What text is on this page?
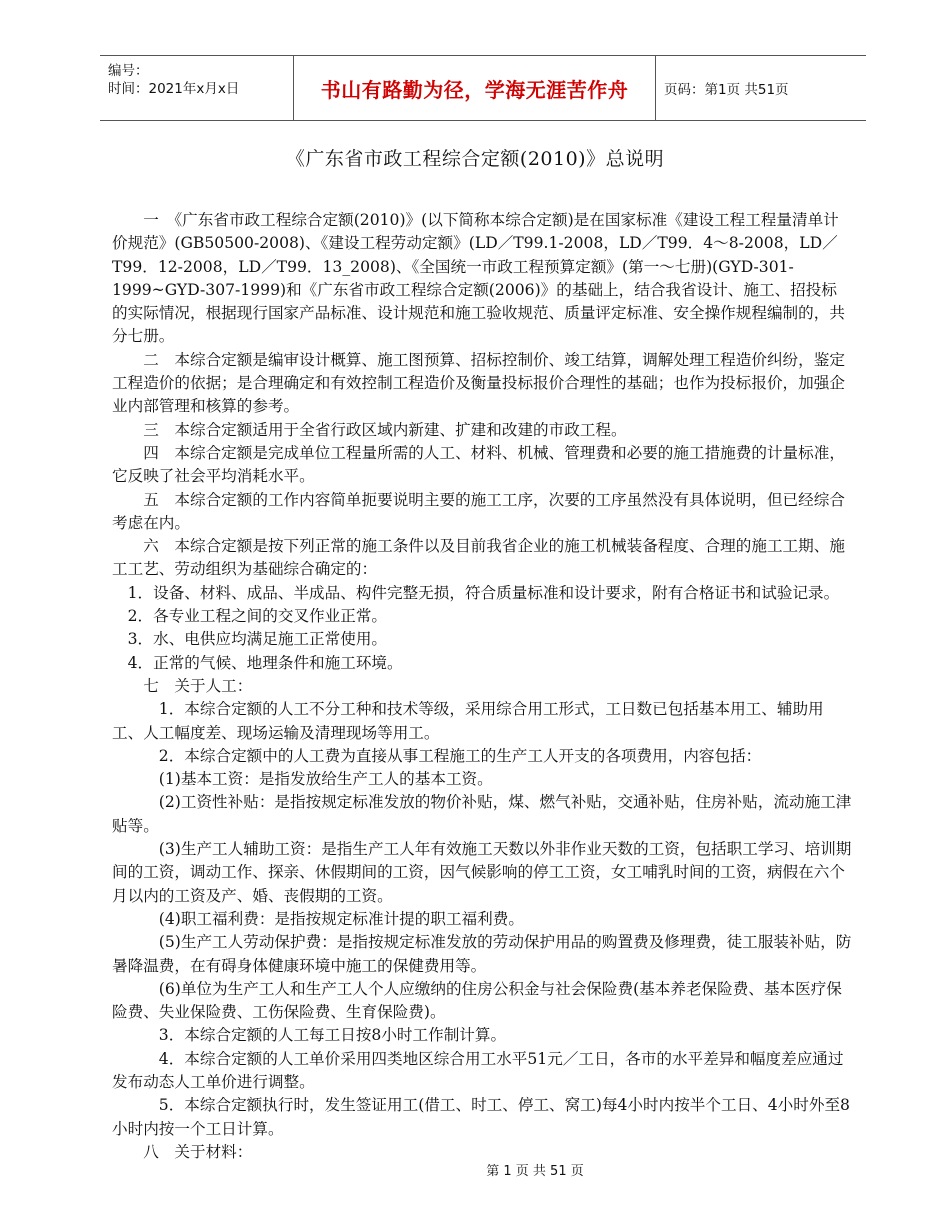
编号：
时间：2021年x月x日	书山有路勤为径，学海无涯苦作舟	页码：第1页 共51页
《广东省市政工程综合定额(2010)》总说明

　　一　《广东省市政工程综合定额(2010)》(以下简称本综合定额)是在国家标准《建设工程工程量清单计价规范》(GB50500-2008)、《建设工程劳动定额》(LD／T99.1-2008，LD／T99．4～8-2008，LD／T99．12-2008，LD／T99．13_2008)、《全国统一市政工程预算定额》(第一～七册)(GYD-301-1999~GYD-307-1999)和《广东省市政工程综合定额(2006)》的基础上，结合我省设计、施工、招投标的实际情况，根据现行国家产品标准、设计规范和施工验收规范、质量评定标准、安全操作规程编制的，共分七册。

　　二　本综合定额是编审设计概算、施工图预算、招标控制价、竣工结算，调解处理工程造价纠纷，鉴定工程造价的依据；是合理确定和有效控制工程造价及衡量投标报价合理性的基础；也作为投标报价，加强企业内部管理和核算的参考。

　　三　本综合定额适用于全省行政区域内新建、扩建和改建的市政工程。

　　四　本综合定额是完成单位工程量所需的人工、材料、机械、管理费和必要的施工措施费的计量标准，它反映了社会平均消耗水平。

　　五　本综合定额的工作内容简单扼要说明主要的施工工序，次要的工序虽然没有具体说明，但已经综合考虑在内。

　　六　本综合定额是按下列正常的施工条件以及目前我省企业的施工机械装备程度、合理的施工工期、施工工艺、劳动组织为基础综合确定的：

　1．设备、材料、成品、半成品、构件完整无损，符合质量标准和设计要求，附有合格证书和试验记录。

　2．各专业工程之间的交叉作业正常。

　3．水、电供应均满足施工正常使用。

　4．正常的气候、地理条件和施工环境。

　　七　关于人工：

　　　1．本综合定额的人工不分工种和技术等级，采用综合用工形式，工日数已包括基本用工、辅助用工、人工幅度差、现场运输及清理现场等用工。

　　　2．本综合定额中的人工费为直接从事工程施工的生产工人开支的各项费用，内容包括：

　　　(1)基本工资：是指发放给生产工人的基本工资。

　　　(2)工资性补贴：是指按规定标准发放的物价补贴，煤、燃气补贴，交通补贴，住房补贴，流动施工津贴等。

　　　(3)生产工人辅助工资：是指生产工人年有效施工天数以外非作业天数的工资，包括职工学习、培训期间的工资，调动工作、探亲、休假期间的工资，因气候影响的停工工资，女工哺乳时间的工资，病假在六个月以内的工资及产、婚、丧假期的工资。

　　　(4)职工福利费：是指按规定标准计提的职工福利费。

　　　(5)生产工人劳动保护费：是指按规定标准发放的劳动保护用品的购置费及修理费，徒工服装补贴，防暑降温费，在有碍身体健康环境中施工的保健费用等。

　　　(6)单位为生产工人和生产工人个人应缴纳的住房公积金与社会保险费(基本养老保险费、基本医疗保险费、失业保险费、工伤保险费、生育保险费)。

　　　3．本综合定额的人工每工日按8小时工作制计算。

　　　4．本综合定额的人工单价采用四类地区综合用工水平51元／工日，各市的水平差异和幅度差应通过发布动态人工单价进行调整。

　　　5．本综合定额执行时，发生签证用工(借工、时工、停工、窝工)每4小时内按半个工日、4小时外至8小时内按一个工日计算。

　　八　关于材料：

第 1 页 共 51 页
